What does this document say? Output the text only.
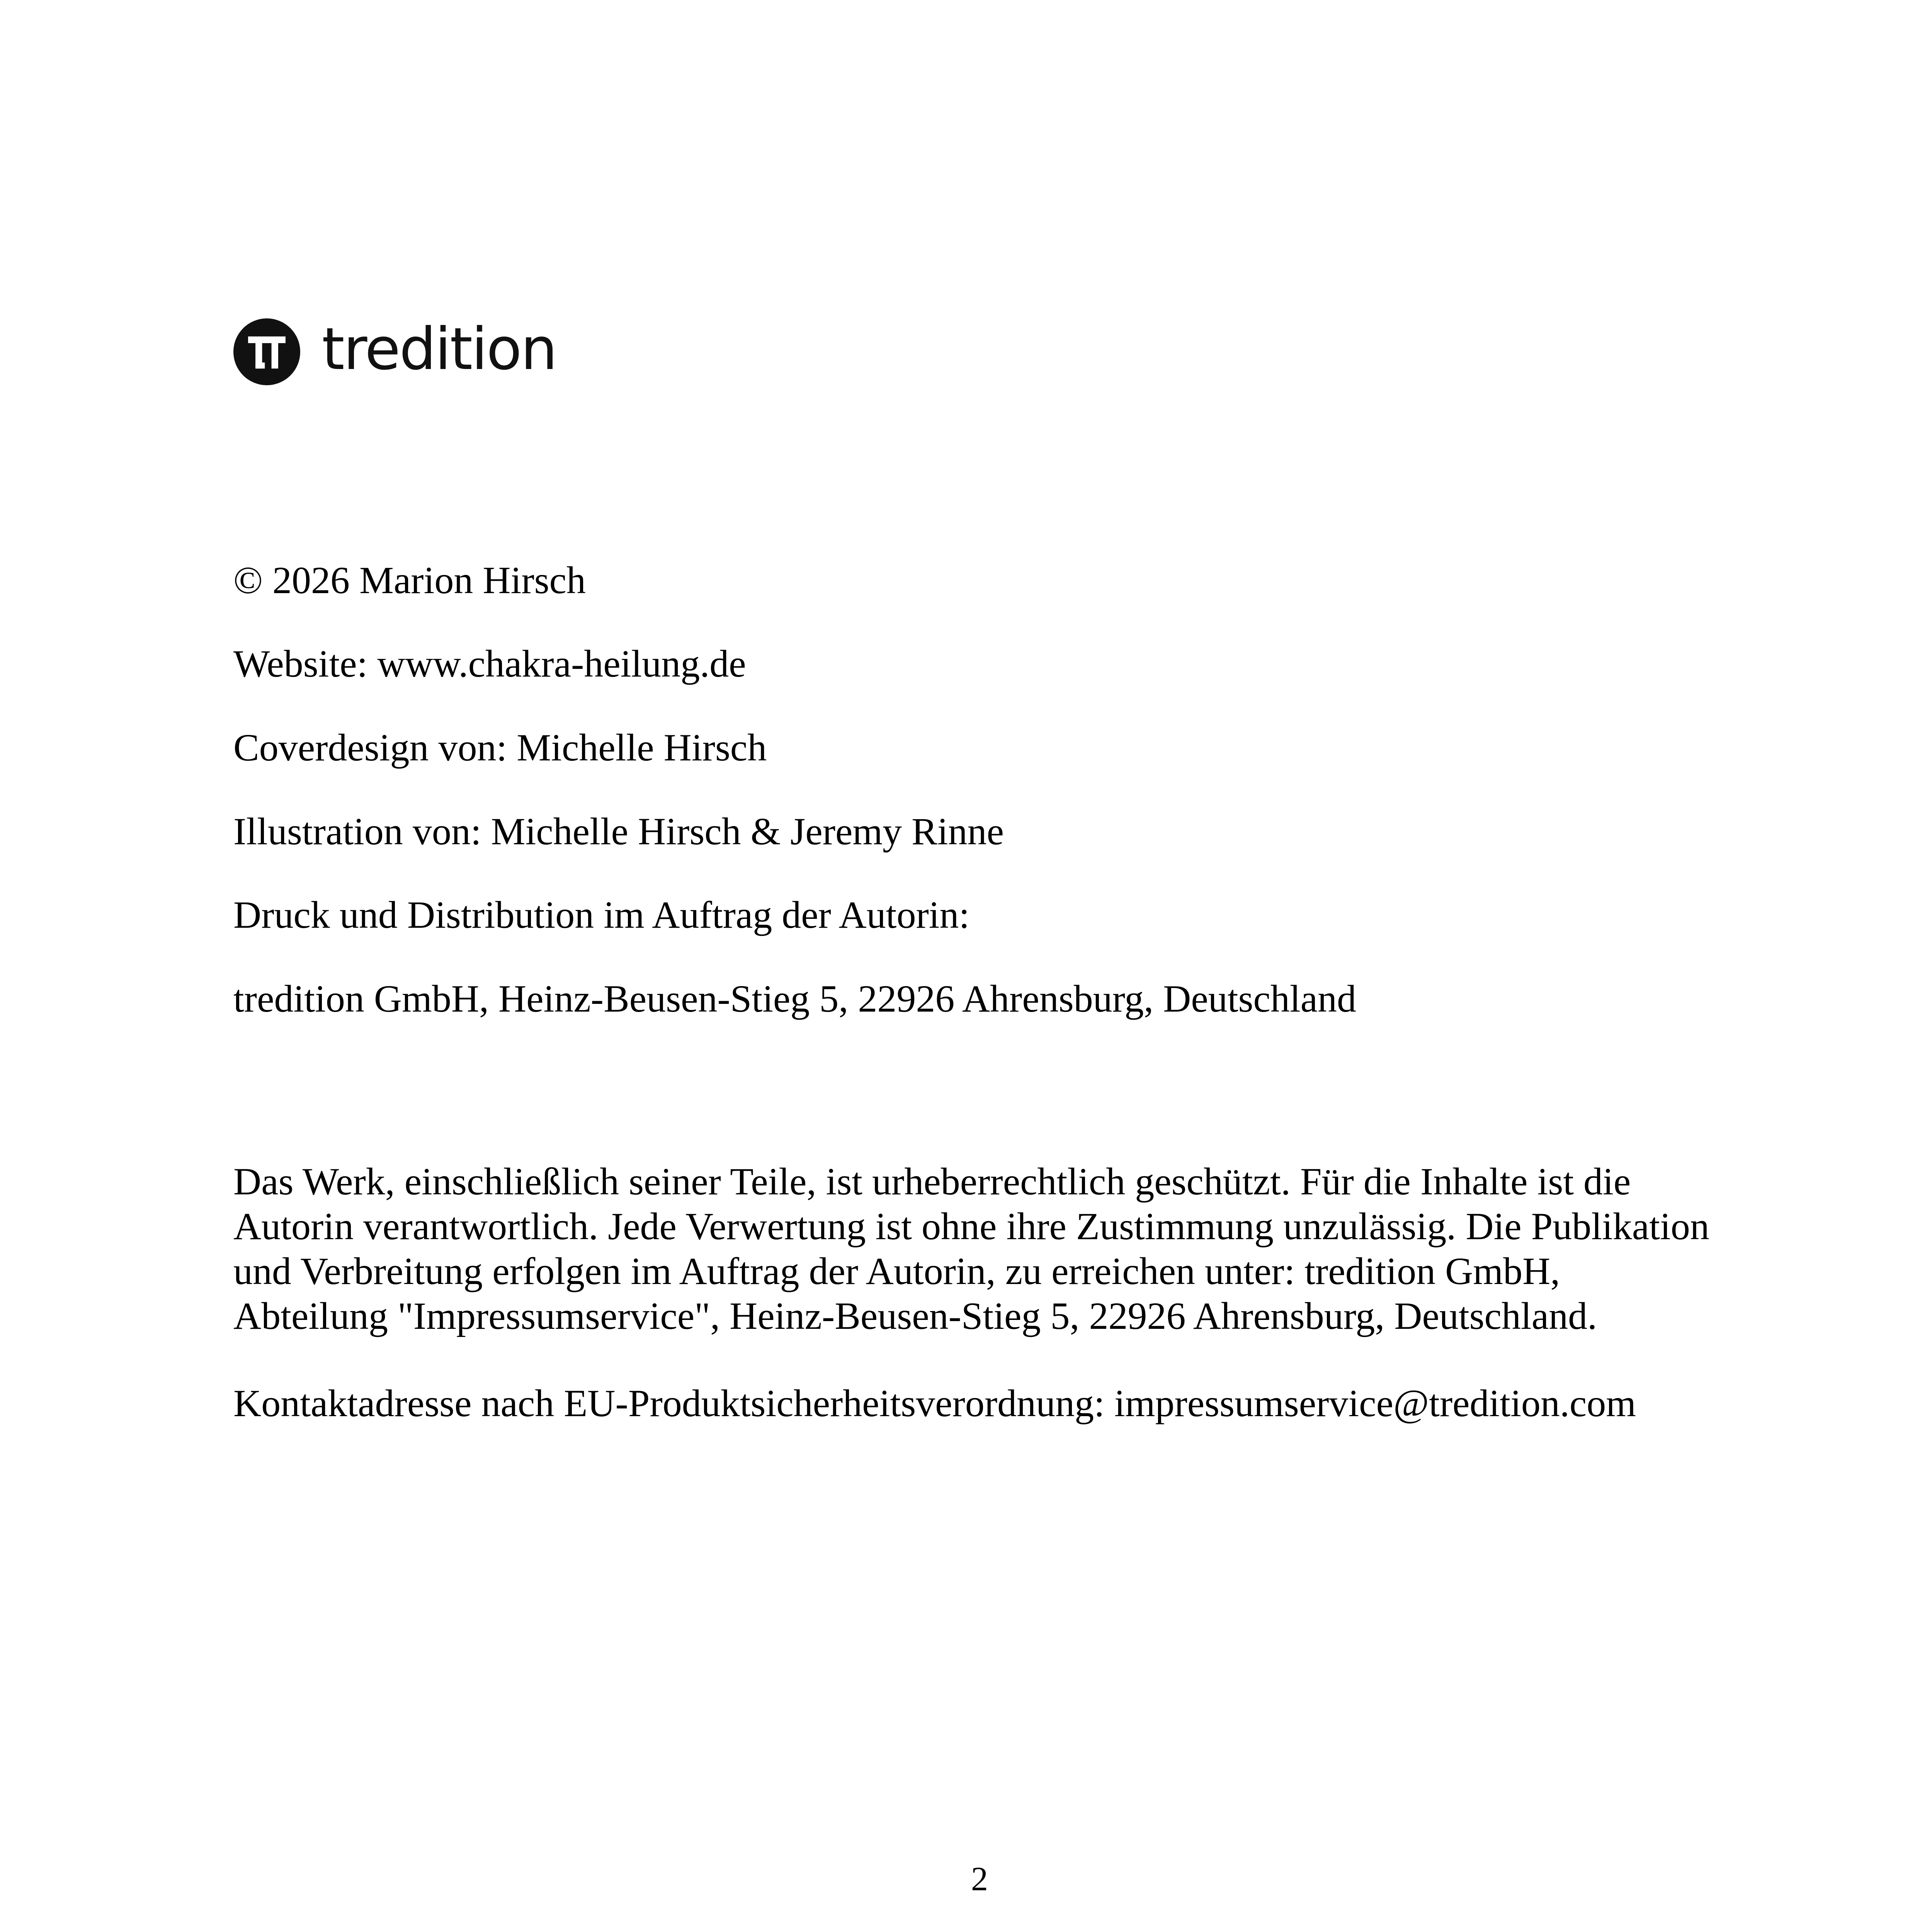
tredition
© 2026 Marion Hirsch
Website: www.chakra-heilung.de
Coverdesign von: Michelle Hirsch
Illustration von: Michelle Hirsch & Jeremy Rinne
Druck und Distribution im Auftrag der Autorin:
tredition GmbH, Heinz-Beusen-Stieg 5, 22926 Ahrensburg, Deutschland
Das Werk, einschließlich seiner Teile, ist urheberrechtlich geschützt. Für die Inhalte ist die
Autorin verantwortlich. Jede Verwertung ist ohne ihre Zustimmung unzulässig. Die Publikation
und Verbreitung erfolgen im Auftrag der Autorin, zu erreichen unter: tredition GmbH,
Abteilung "Impressumservice", Heinz-Beusen-Stieg 5, 22926 Ahrensburg, Deutschland.
Kontaktadresse nach EU-Produktsicherheitsverordnung: impressumservice@tredition.com
2
